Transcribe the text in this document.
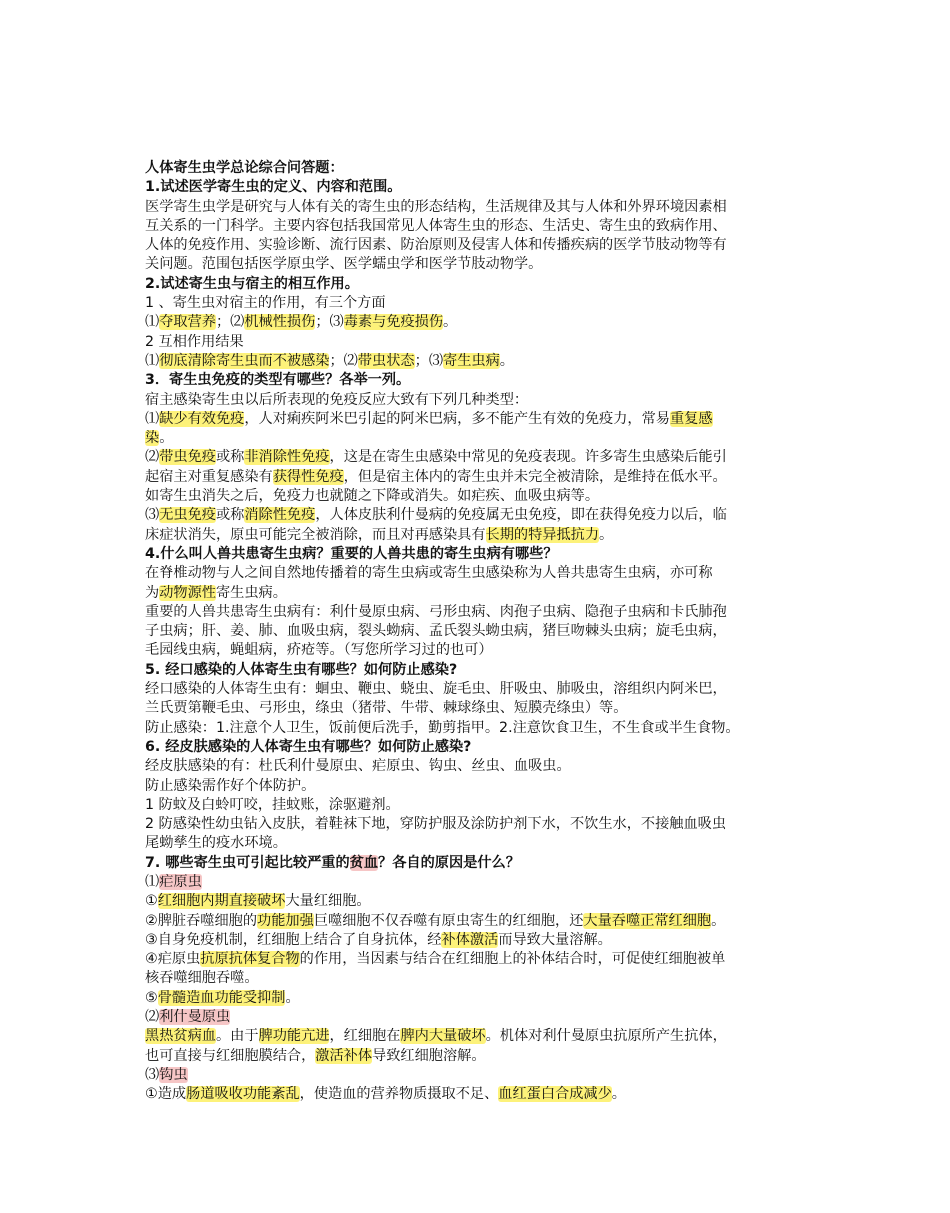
人体寄生虫学总论综合问答题：
1.试述医学寄生虫的定义、内容和范围。
医学寄生虫学是研究与人体有关的寄生虫的形态结构，生活规律及其与人体和外界环境因素相
互关系的一门科学。主要内容包括我国常见人体寄生虫的形态、生活史、寄生虫的致病作用、
人体的免疫作用、实验诊断、流行因素、防治原则及侵害人体和传播疾病的医学节肢动物等有
关问题。范围包括医学原虫学、医学蠕虫学和医学节肢动物学。
2.试述寄生虫与宿主的相互作用。
1 、寄生虫对宿主的作用，有三个方面
⑴夺取营养；⑵机械性损伤；⑶毒素与免疫损伤。
2 互相作用结果
⑴彻底清除寄生虫而不被感染；⑵带虫状态；⑶寄生虫病。
3．寄生虫免疫的类型有哪些？各举一列。
宿主感染寄生虫以后所表现的免疫反应大致有下列几种类型：
⑴缺少有效免疫，人对痢疾阿米巴引起的阿米巴病，多不能产生有效的免疫力，常易重复感
染。
⑵带虫免疫或称非消除性免疫，这是在寄生虫感染中常见的免疫表现。许多寄生虫感染后能引
起宿主对重复感染有获得性免疫，但是宿主体内的寄生虫并未完全被清除，是维持在低水平。
如寄生虫消失之后，免疫力也就随之下降或消失。如疟疾、血吸虫病等。
⑶无虫免疫或称消除性免疫，人体皮肤利什曼病的免疫属无虫免疫，即在获得免疫力以后，临
床症状消失，原虫可能完全被消除，而且对再感染具有长期的特异抵抗力。
4.什么叫人兽共患寄生虫病？重要的人兽共患的寄生虫病有哪些？
在脊椎动物与人之间自然地传播着的寄生虫病或寄生虫感染称为人兽共患寄生虫病，亦可称
为动物源性寄生虫病。
重要的人兽共患寄生虫病有：利什曼原虫病、弓形虫病、肉孢子虫病、隐孢子虫病和卡氏肺孢
子虫病；肝、姜、肺、血吸虫病，裂头蚴病、孟氏裂头蚴虫病，猪巨吻棘头虫病；旋毛虫病，
毛园线虫病，蝇蛆病，疥疮等。（写您所学习过的也可）
5. 经口感染的人体寄生虫有哪些？如何防止感染?
经口感染的人体寄生虫有：蛔虫、鞭虫、蛲虫、旋毛虫、肝吸虫、肺吸虫，溶组织内阿米巴，
兰氏贾第鞭毛虫、弓形虫，绦虫（猪带、牛带、棘球绦虫、短膜壳绦虫）等。
防止感染：1.注意个人卫生，饭前便后洗手，勤剪指甲。2.注意饮食卫生，不生食或半生食物。
6. 经皮肤感染的人体寄生虫有哪些？如何防止感染?
经皮肤感染的有：杜氏利什曼原虫、疟原虫、钩虫、丝虫、血吸虫。
防止感染需作好个体防护。
1 防蚊及白蛉叮咬，挂蚊账，涂驱避剂。
2 防感染性幼虫钻入皮肤，着鞋袜下地，穿防护服及涂防护剂下水，不饮生水，不接触血吸虫
尾蚴孳生的疫水环境。
7. 哪些寄生虫可引起比较严重的贫血？各自的原因是什么？
⑴疟原虫
①红细胞内期直接破坏大量红细胞。
②脾脏吞噬细胞的功能加强巨噬细胞不仅吞噬有原虫寄生的红细胞，还大量吞噬正常红细胞。
③自身免疫机制，红细胞上结合了自身抗体，经补体激活而导致大量溶解。
④疟原虫抗原抗体复合物的作用，当因素与结合在红细胞上的补体结合时，可促使红细胞被单
核吞噬细胞吞噬。
⑤骨髓造血功能受抑制。
⑵利什曼原虫
黑热贫病血。由于脾功能亢进，红细胞在脾内大量破坏。机体对利什曼原虫抗原所产生抗体，
也可直接与红细胞膜结合，激活补体导致红细胞溶解。
⑶钩虫
①造成肠道吸收功能紊乱，使造血的营养物质摄取不足、血红蛋白合成减少。
